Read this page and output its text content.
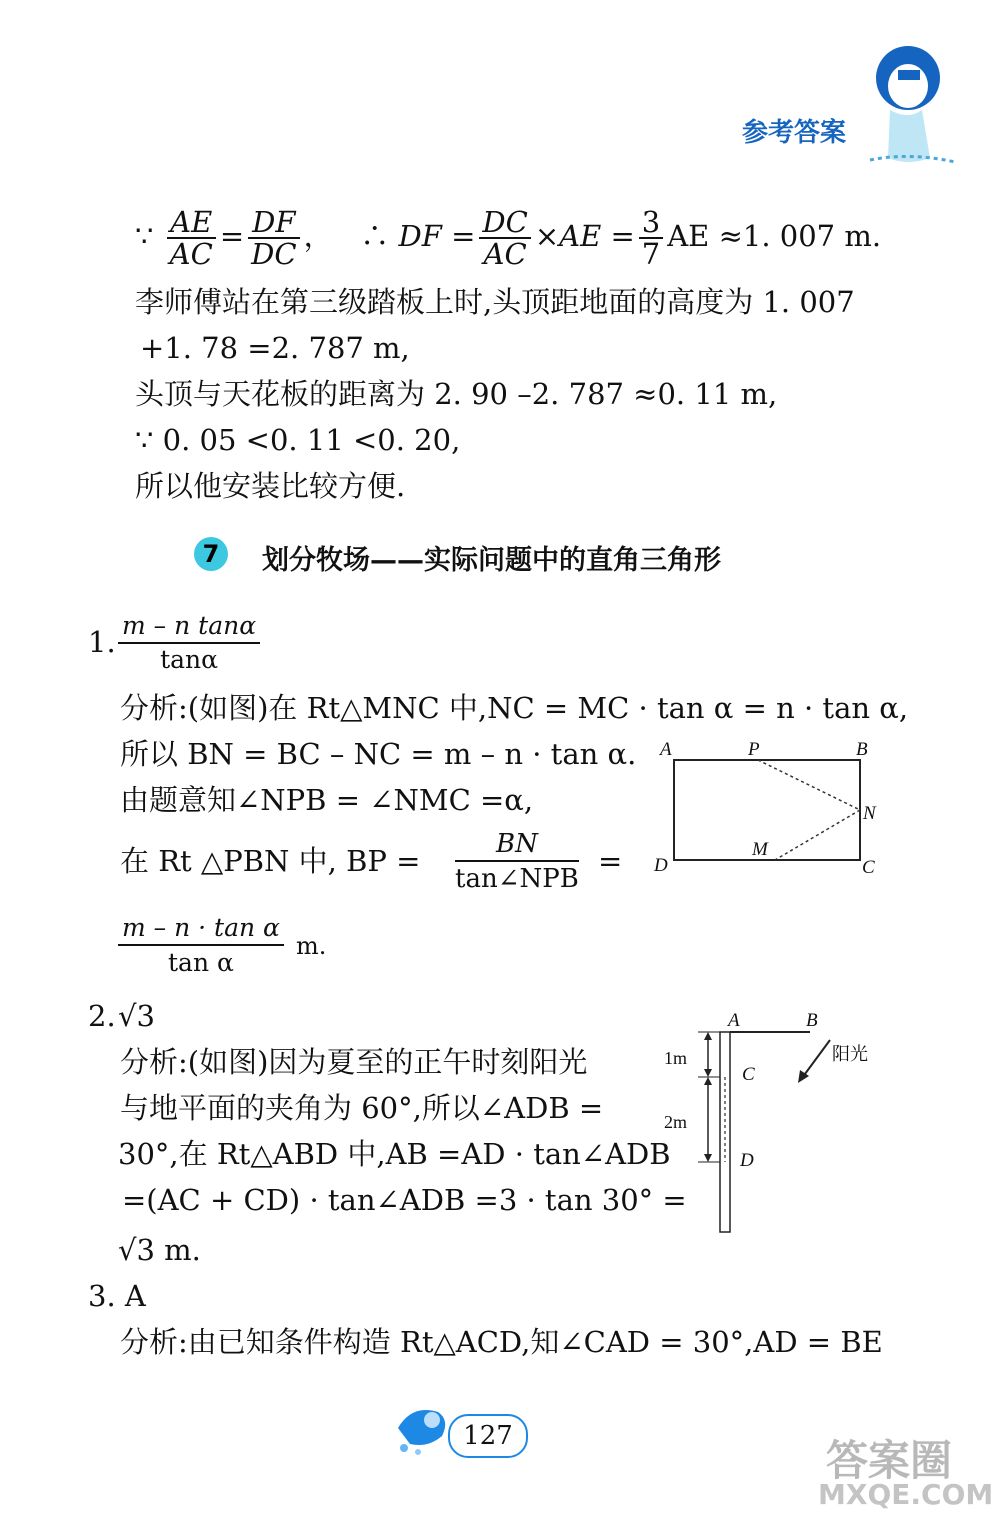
参考答案
∵ $\frac{AE}{AC} = \frac{DF}{DC}$ ， ∴ DF = $\frac{DC}{AC} \times AE = \frac{3}{7}$ AE ≈1. 007 m.
李师傅站在第三级踏板上时,头顶距地面的高度为 1. 007
+1. 78 =2. 787 m,
头顶与天花板的距离为 2. 90 –2. 787 ≈0. 11 m,
∵ 0. 05 <0. 11 <0. 20,
所以他安装比较方便.
7	划分牧场——实际问题中的直角三角形
1. $\frac{\text{m – n tanα}}{\tan\alpha}$
分析:(如图)在 Rt△MNC 中,NC = MC · tan α = n · tan α,
所以 BN = BC – NC = m – n · tan α.
由题意知∠NPB = ∠NMC =α,
在 Rt △PBN 中, BP =	BN
tan∠NPB
=
$\frac{\text{m – n · tan α}}{\text{tan α}} m$.
A	P	B
N
M
D	C
2. √3
分析:(如图)因为夏至的正午时刻阳光
与地平面的夹角为 60°,所以∠ADB =
30°,在 Rt△ABD 中,AB =AD · tan∠ADB
=(AC + CD) · tan∠ADB =3 · tan 30° =
√3 m.
A	B
C
D
阳光
1m
2m
3. A
分析:由已知条件构造 Rt△ACD,知∠CAD = 30°,AD = BE
127	答案圈
MXQE.COM
